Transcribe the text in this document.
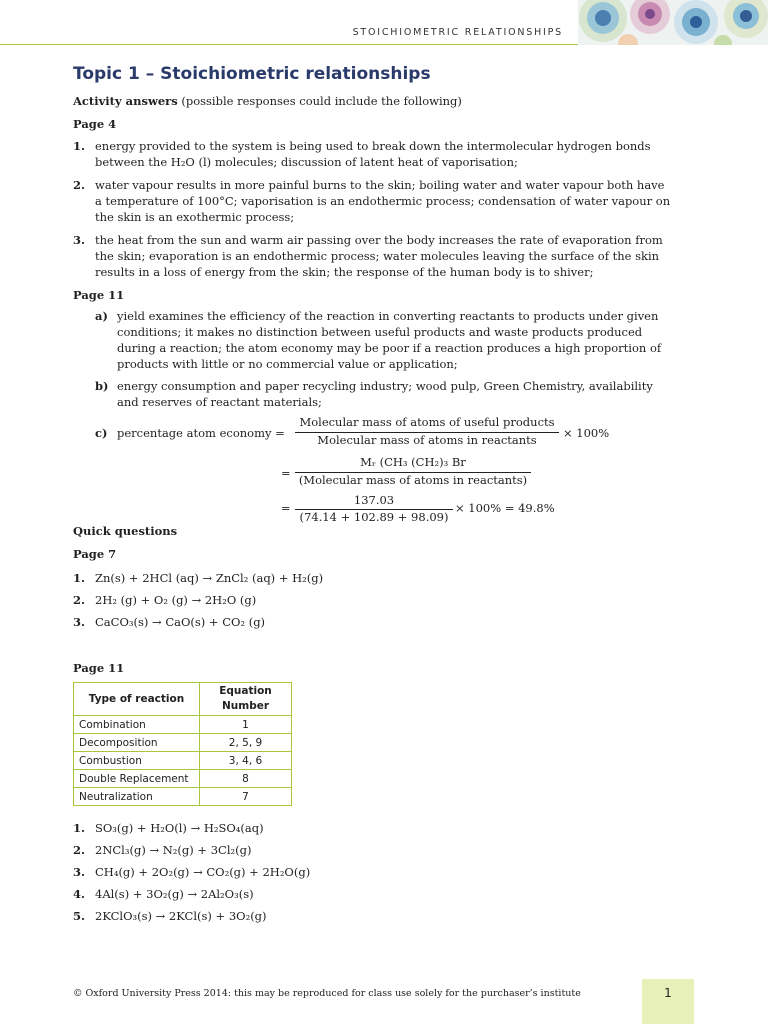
STOICHIOMETRIC RELATIONSHIPS
Topic 1 – Stoichiometric relationships
Activity answers (possible responses could include the following)
Page 4
1. energy provided to the system is being used to break down the intermolecular hydrogen bonds
between the H₂O (l) molecules; discussion of latent heat of vaporisation;
2. water vapour results in more painful burns to the skin; boiling water and water vapour both have
a temperature of 100°C; vaporisation is an endothermic process; condensation of water vapour on
the skin is an exothermic process;
3. the heat from the sun and warm air passing over the body increases the rate of evaporation from
the skin; evaporation is an endothermic process; water molecules leaving the surface of the skin
results in a loss of energy from the skin; the response of the human body is to shiver;
Page 11
a) yield examines the efficiency of the reaction in converting reactants to products under given
conditions; it makes no distinction between useful products and waste products produced
during a reaction; the atom economy may be poor if a reaction produces a high proportion of
products with little or no commercial value or application;
b) energy consumption and paper recycling industry; wood pulp, Green Chemistry, availability
and reserves of reactant materials;
c) percentage atom economy =
Molecular mass of atoms of useful products
Molecular mass of atoms in reactants	× 100%
=
Mᵣ (CH₃ (CH₂)₃ Br
(Molecular mass of atoms in reactants)
=
137.03
(74.14 + 102.89 + 98.09)
× 100% = 49.8%
Quick questions
Page 7
1. Zn(s) + 2HCl (aq) → ZnCl₂ (aq) + H₂(g)
2. 2H₂ (g) + O₂ (g) → 2H₂O (g)
3. CaCO₃(s) → CaO(s) + CO₂ (g)
Page 11
Type of reaction	Equation Number
Combination	1
Decomposition	2, 5, 9
Combustion	3, 4, 6
Double Replacement	8
Neutralization	7
1. SO₃(g) + H₂O(l) → H₂SO₄(aq)
2. 2NCl₃(g) → N₂(g) + 3Cl₂(g)
3. CH₄(g) + 2O₂(g) → CO₂(g) + 2H₂O(g)
4. 4Al(s) + 3O₂(g) → 2Al₂O₃(s)
5. 2KClO₃(s) → 2KCl(s) + 3O₂(g)
© Oxford University Press 2014: this may be reproduced for class use solely for the purchaser’s institute	1
